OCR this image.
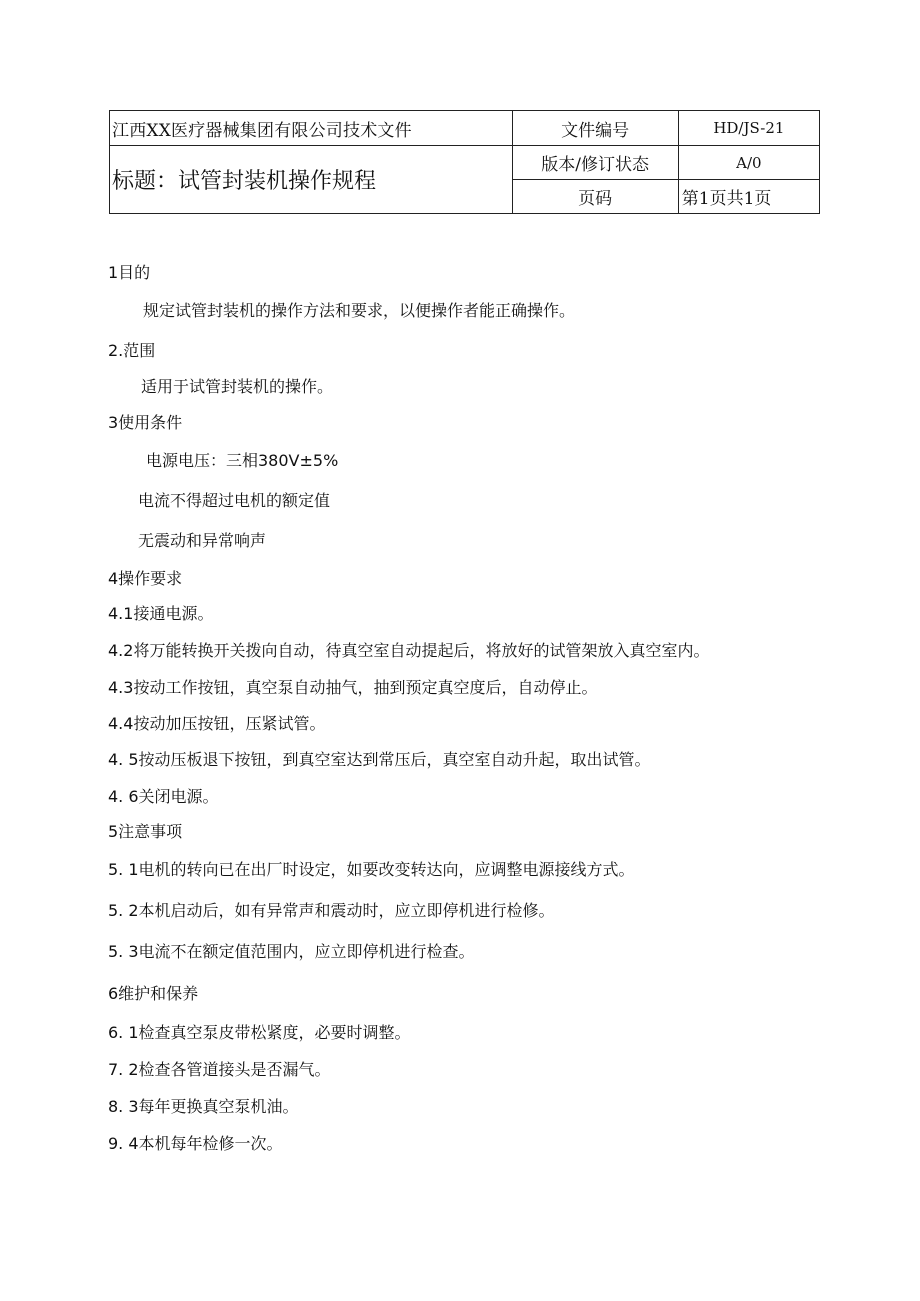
江西XX医疗器械集团有限公司技术文件	文件编号	HD/JS-21
标题：试管封装机操作规程	版本/修订状态	A/0
	页码	第1页共1页
1目的
规定试管封装机的操作方法和要求，以便操作者能正确操作。
2.范围
适用于试管封装机的操作。
3使用条件
电源电压：三相380V±5%
电流不得超过电机的额定值
无震动和异常响声
4操作要求
4.1接通电源。
4.2将万能转换开关拨向自动，待真空室自动提起后，将放好的试管架放入真空室内。
4.3按动工作按钮，真空泵自动抽气，抽到预定真空度后，自动停止。
4.4按动加压按钮，压紧试管。
4. 5按动压板退下按钮，到真空室达到常压后，真空室自动升起，取出试管。
4. 6关闭电源。
5注意事项
5. 1电机的转向已在出厂时设定，如要改变转达向，应调整电源接线方式。
5. 2本机启动后，如有异常声和震动时，应立即停机进行检修。
5. 3电流不在额定值范围内，应立即停机进行检查。
6维护和保养
6. 1检查真空泵皮带松紧度，必要时调整。
7. 2检查各管道接头是否漏气。
8. 3每年更换真空泵机油。
9. 4本机每年检修一次。
